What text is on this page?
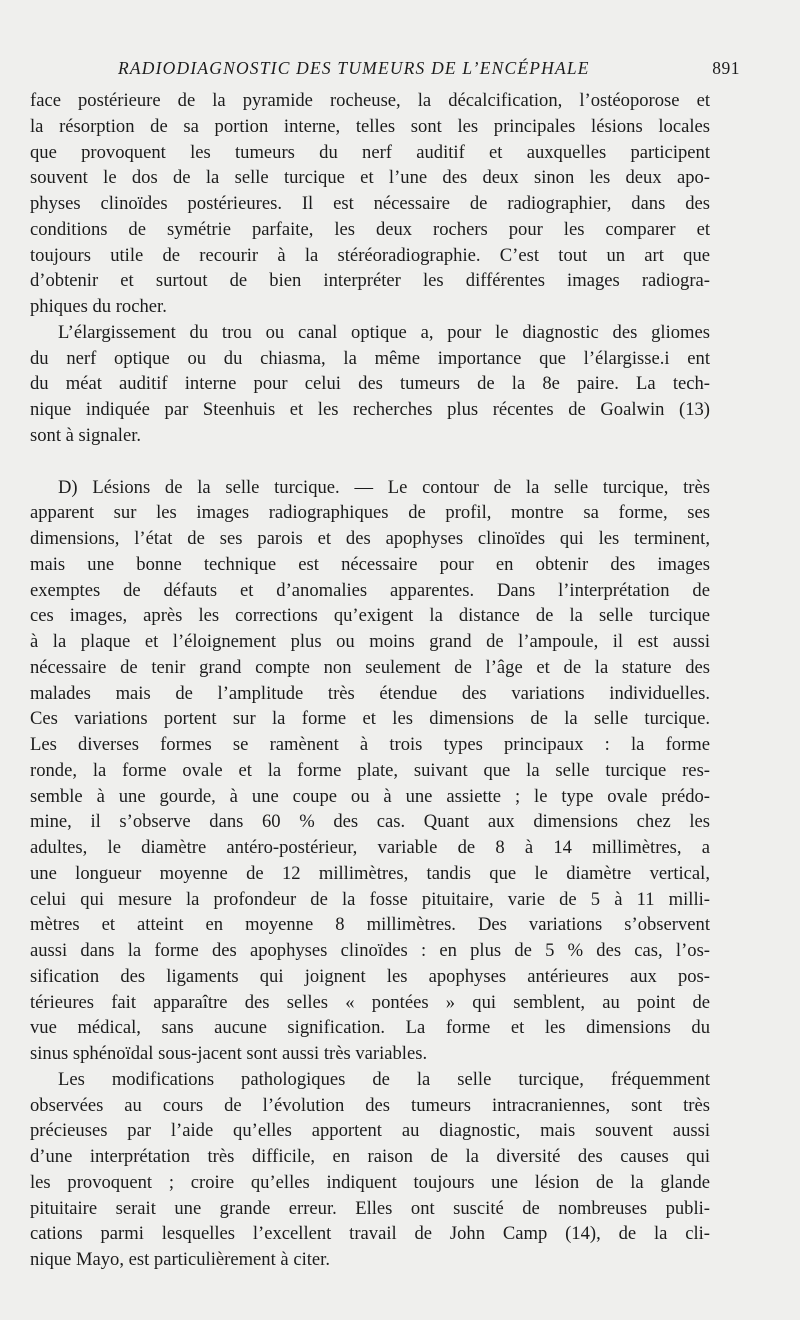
RADIODIAGNOSTIC DES TUMEURS DE L’ENCÉPHALE	891

face postérieure de la pyramide rocheuse, la décalcification, l’ostéoporose et
la résorption de sa portion interne, telles sont les principales lésions locales
que provoquent les tumeurs du nerf auditif et auxquelles participent
souvent le dos de la selle turcique et l’une des deux sinon les deux apo-
physes clinoïdes postérieures. Il est nécessaire de radiographier, dans des
conditions de symétrie parfaite, les deux rochers pour les comparer et
toujours utile de recourir à la stéréoradiographie. C’est tout un art que
d’obtenir et surtout de bien interpréter les différentes images radiogra-
phiques du rocher.

L’élargissement du trou ou canal optique a, pour le diagnostic des gliomes
du nerf optique ou du chiasma, la même importance que l’élargisse.i ent
du méat auditif interne pour celui des tumeurs de la 8e paire. La tech-
nique indiquée par Steenhuis et les recherches plus récentes de Goalwin (13)
sont à signaler.

D) Lésions de la selle turcique. — Le contour de la selle turcique, très
apparent sur les images radiographiques de profil, montre sa forme, ses
dimensions, l’état de ses parois et des apophyses clinoïdes qui les terminent,
mais une bonne technique est nécessaire pour en obtenir des images
exemptes de défauts et d’anomalies apparentes. Dans l’interprétation de
ces images, après les corrections qu’exigent la distance de la selle turcique
à la plaque et l’éloignement plus ou moins grand de l’ampoule, il est aussi
nécessaire de tenir grand compte non seulement de l’âge et de la stature des
malades mais de l’amplitude très étendue des variations individuelles.
Ces variations portent sur la forme et les dimensions de la selle turcique.
Les diverses formes se ramènent à trois types principaux : la forme
ronde, la forme ovale et la forme plate, suivant que la selle turcique res-
semble à une gourde, à une coupe ou à une assiette ; le type ovale prédo-
mine, il s’observe dans 60 % des cas. Quant aux dimensions chez les
adultes, le diamètre antéro-postérieur, variable de 8 à 14 millimètres, a
une longueur moyenne de 12 millimètres, tandis que le diamètre vertical,
celui qui mesure la profondeur de la fosse pituitaire, varie de 5 à 11 milli-
mètres et atteint en moyenne 8 millimètres. Des variations s’observent
aussi dans la forme des apophyses clinoïdes : en plus de 5 % des cas, l’os-
sification des ligaments qui joignent les apophyses antérieures aux pos-
térieures fait apparaître des selles « pontées » qui semblent, au point de
vue médical, sans aucune signification. La forme et les dimensions du
sinus sphénoïdal sous-jacent sont aussi très variables.

Les modifications pathologiques de la selle turcique, fréquemment
observées au cours de l’évolution des tumeurs intracraniennes, sont très
précieuses par l’aide qu’elles apportent au diagnostic, mais souvent aussi
d’une interprétation très difficile, en raison de la diversité des causes qui
les provoquent ; croire qu’elles indiquent toujours une lésion de la glande
pituitaire serait une grande erreur. Elles ont suscité de nombreuses publi-
cations parmi lesquelles l’excellent travail de John Camp (14), de la cli-
nique Mayo, est particulièrement à citer.
